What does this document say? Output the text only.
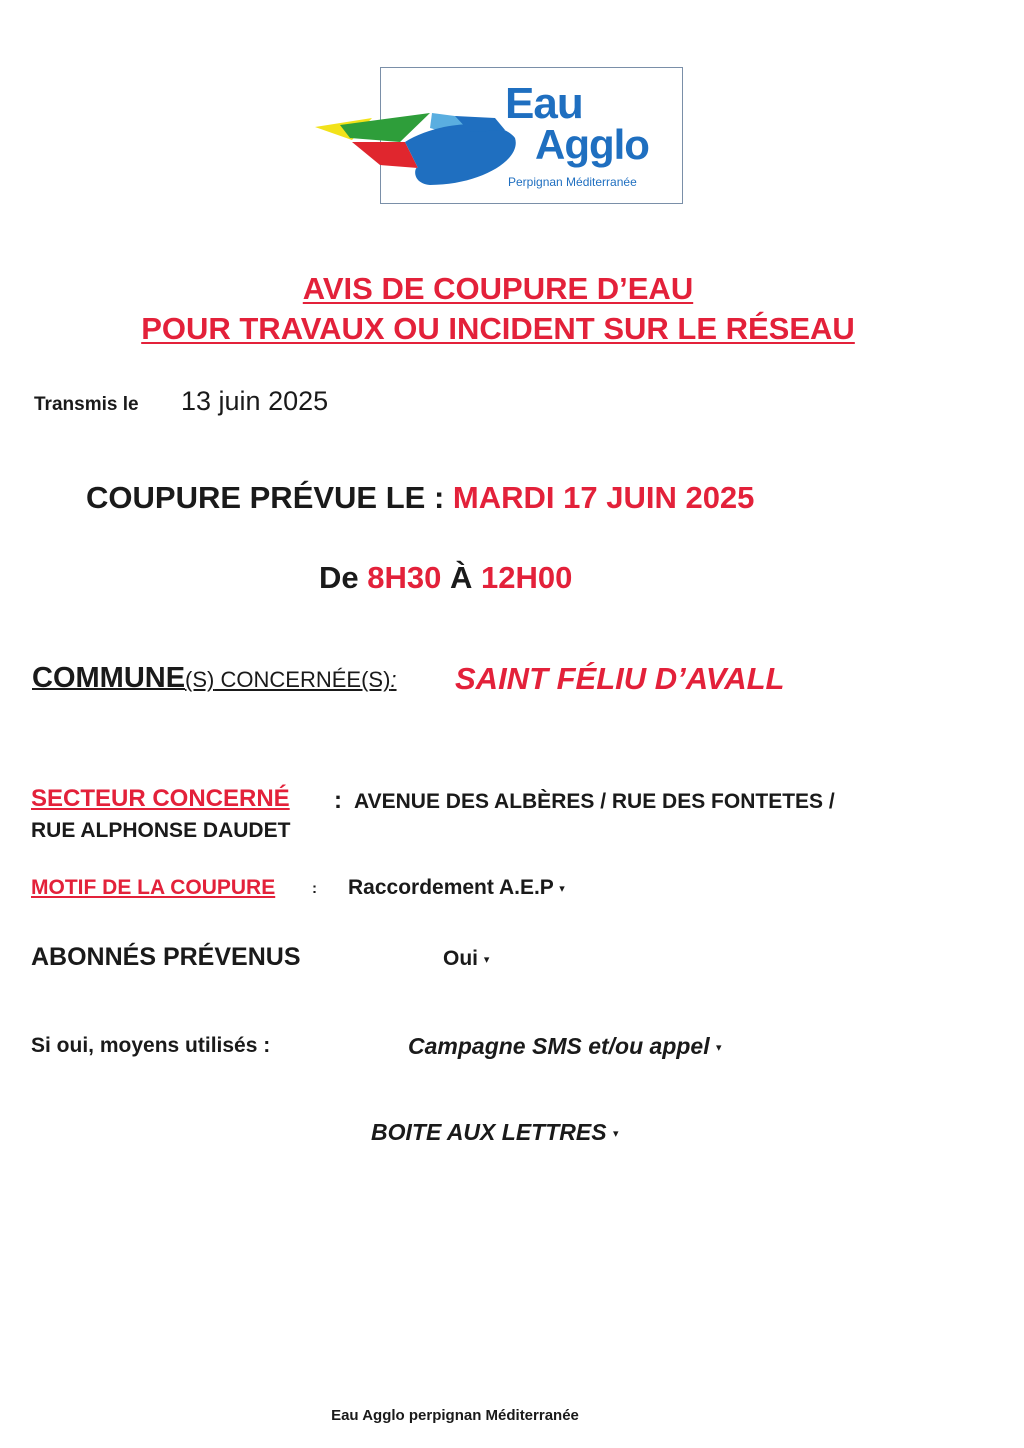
Eau
Agglo
Perpignan Méditerranée
AVIS DE COUPURE D’EAU
POUR TRAVAUX OU INCIDENT SUR LE RÉSEAU
Transmis le 13 juin 2025
COUPURE PRÉVUE LE : MARDI 17 JUIN 2025
De 8H30 À 12H00
COMMUNE(S) CONCERNÉE(S): SAINT FÉLIU D’AVALL
SECTEUR CONCERNÉ : AVENUE DES ALBÈRES / RUE DES FONTETES /
RUE ALPHONSE DAUDET
MOTIF DE LA COUPURE : Raccordement A.E.P ▾
ABONNÉS PRÉVENUS	Oui ▾
Si oui, moyens utilisés :	Campagne SMS et/ou appel ▾
BOITE AUX LETTRES ▾
Eau Agglo perpignan Méditerranée
